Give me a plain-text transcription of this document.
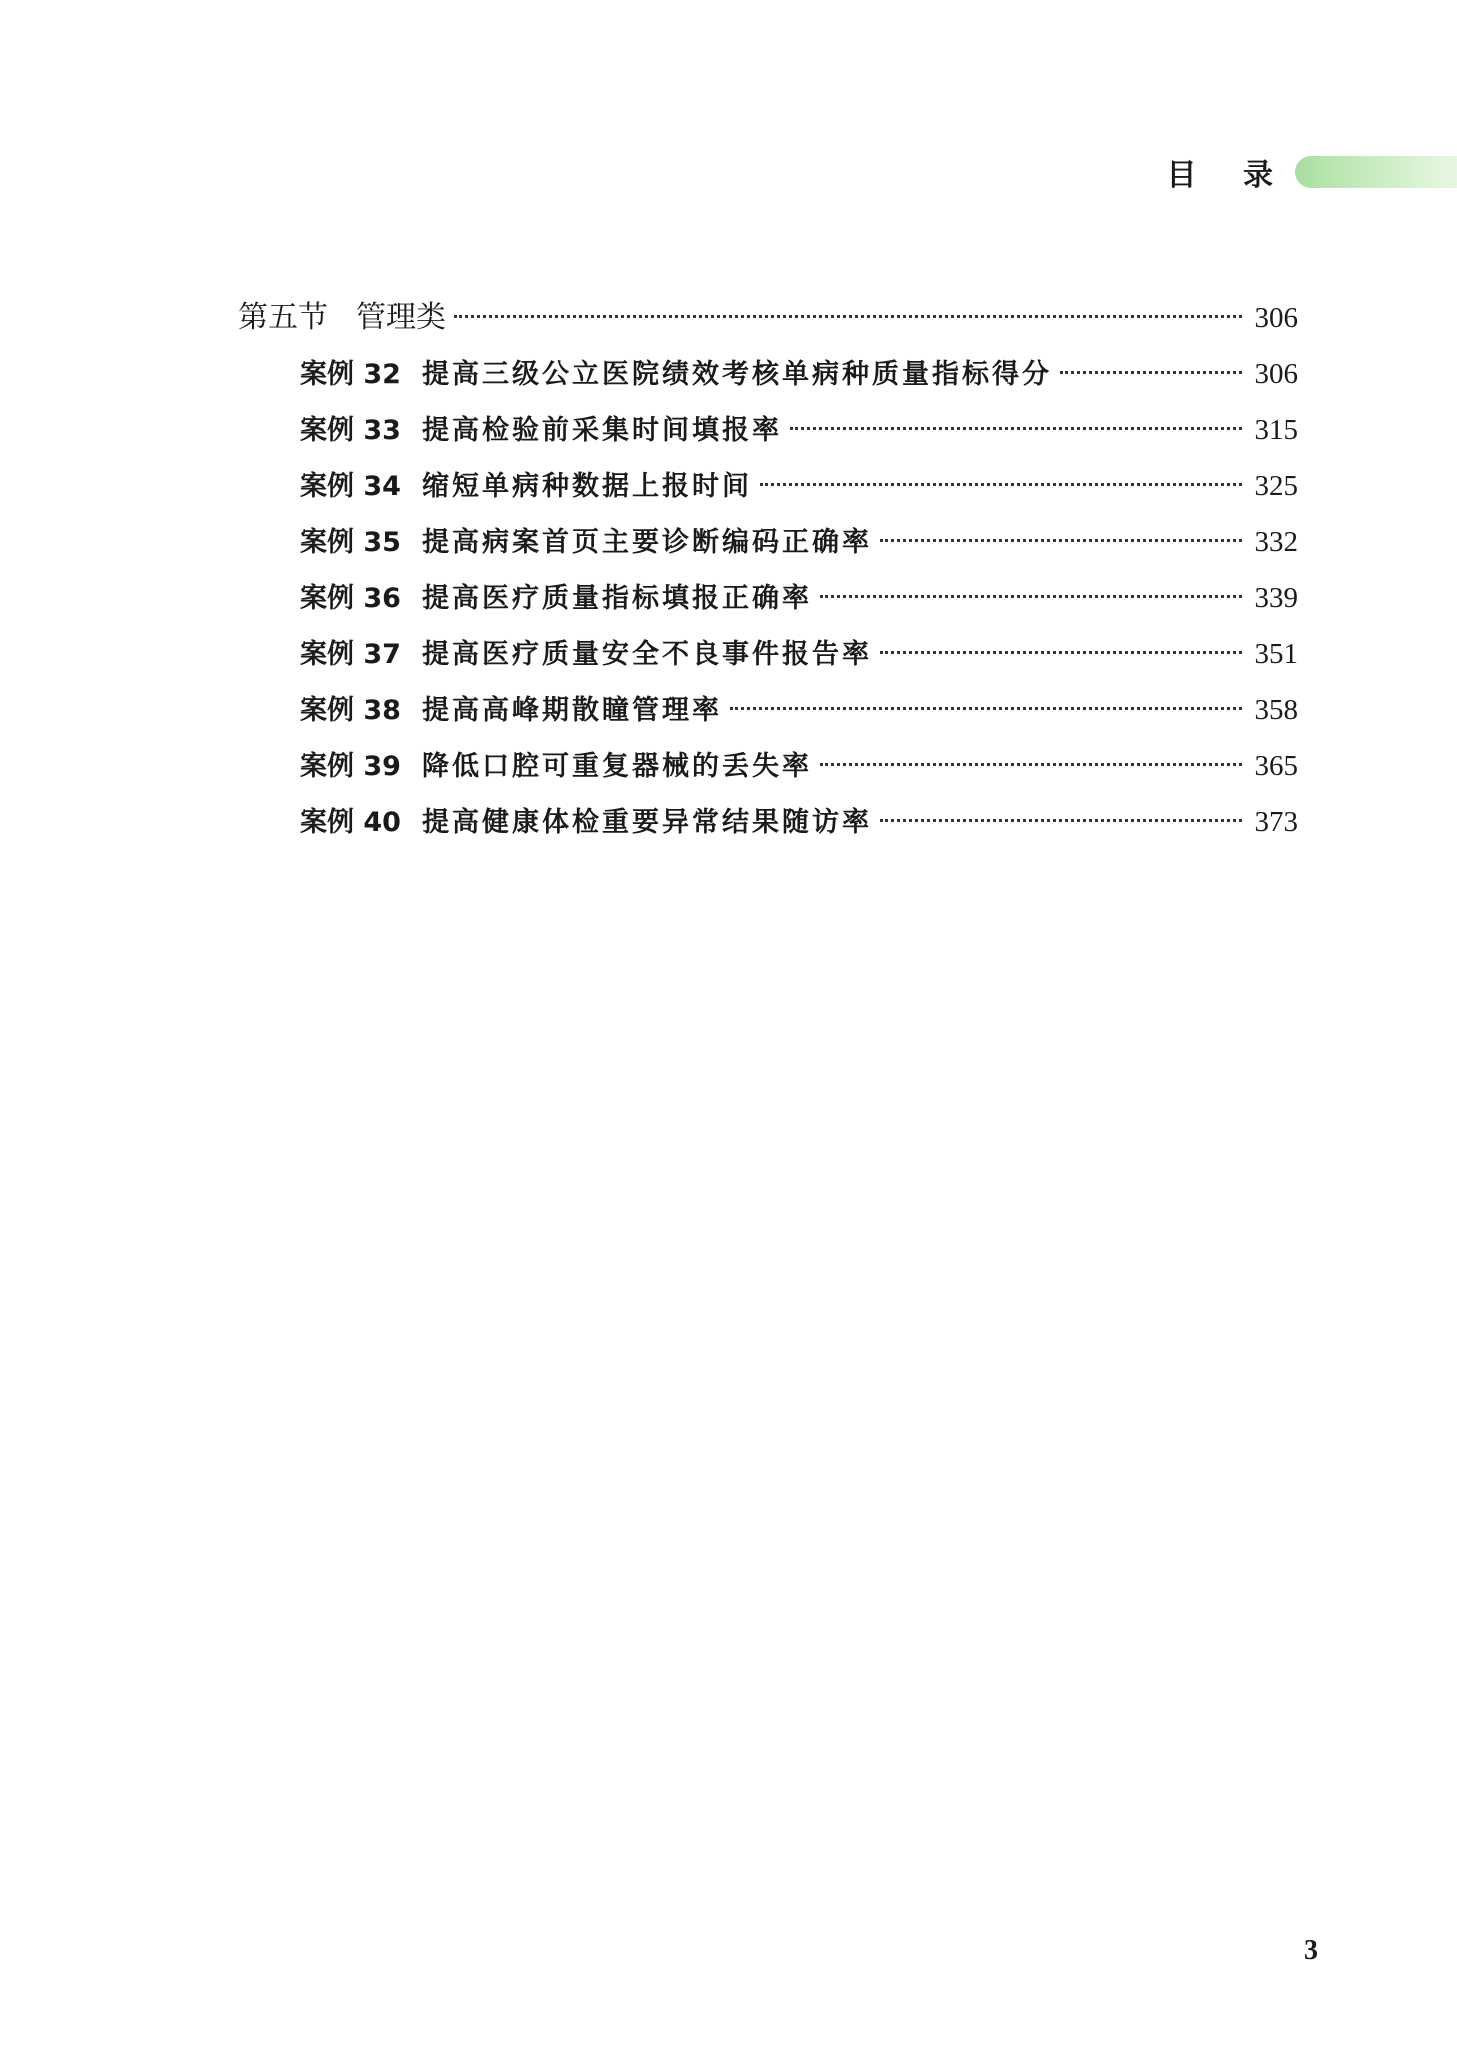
目 录
第五节 管理类	306
案例 32 提高三级公立医院绩效考核单病种质量指标得分	306
案例 33 提高检验前采集时间填报率	315
案例 34 缩短单病种数据上报时间	325
案例 35 提高病案首页主要诊断编码正确率	332
案例 36 提高医疗质量指标填报正确率	339
案例 37 提高医疗质量安全不良事件报告率	351
案例 38 提高高峰期散瞳管理率	358
案例 39 降低口腔可重复器械的丢失率	365
案例 40 提高健康体检重要异常结果随访率	373
3
